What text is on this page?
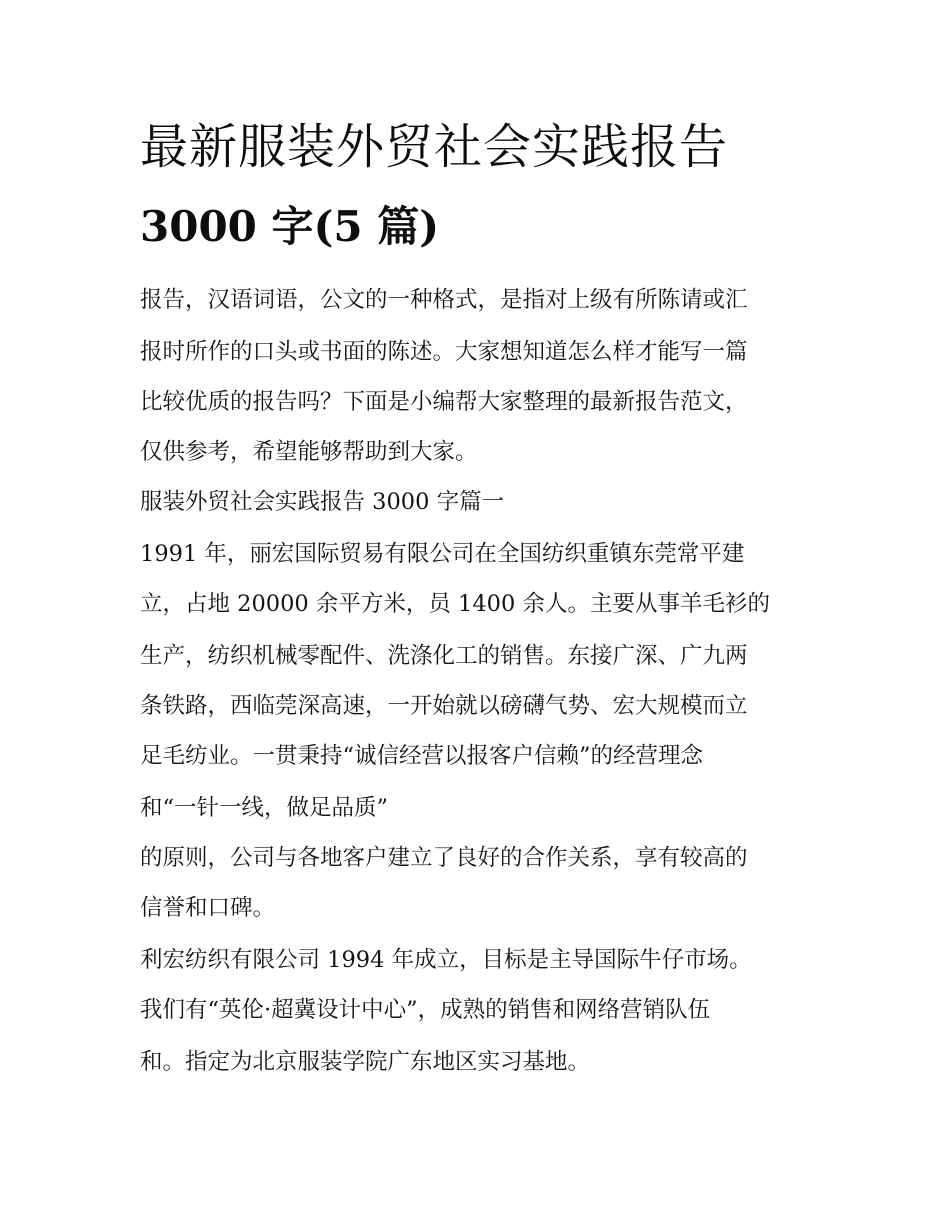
最新服装外贸社会实践报告
3000 字(5 篇)
报告，汉语词语，公文的一种格式，是指对上级有所陈请或汇
报时所作的口头或书面的陈述。大家想知道怎么样才能写一篇
比较优质的报告吗？下面是小编帮大家整理的最新报告范文，
仅供参考，希望能够帮助到大家。
服装外贸社会实践报告 3000 字篇一
1991 年，丽宏国际贸易有限公司在全国纺织重镇东莞常平建
立，占地 20000 余平方米，员 1400 余人。主要从事羊毛衫的
生产，纺织机械零配件、洗涤化工的销售。东接广深、广九两
条铁路，西临莞深高速，一开始就以磅礴气势、宏大规模而立
足毛纺业。一贯秉持“诚信经营以报客户信赖”的经营理念
和“一针一线，做足品质”
的原则，公司与各地客户建立了良好的合作关系，享有较高的
信誉和口碑。
利宏纺织有限公司 1994 年成立，目标是主导国际牛仔市场。
我们有“英伦·超冀设计中心”，成熟的销售和网络营销队伍
和。指定为北京服装学院广东地区实习基地。
